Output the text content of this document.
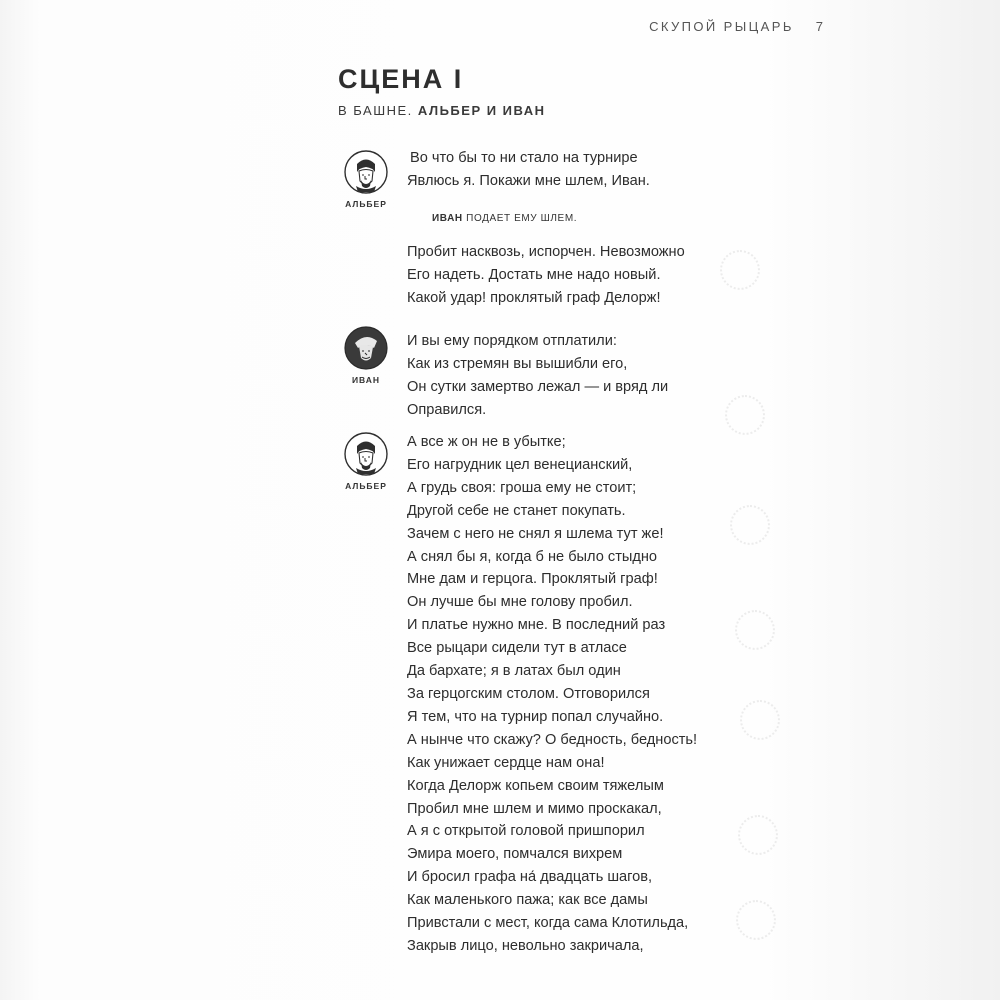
СКУПОЙ РЫЦАРЬ 7
СЦЕНА I
В БАШНЕ. АЛЬБЕР И ИВАН
АЛЬБЕР
ИВАН
АЛЬБЕР
Во что бы то ни стало на турнире
Явлюсь я. Покажи мне шлем, Иван.
ИВАН ПОДАЕТ ЕМУ ШЛЕМ.
Пробит насквозь, испорчен. Невозможно
Его надеть. Достать мне надо новый.
Какой удар! проклятый граф Делорж!
И вы ему порядком отплатили:
Как из стремян вы вышибли его,
Он сутки замертво лежал — и вряд ли
Оправился.
А все ж он не в убытке;
Его нагрудник цел венецианский,
А грудь своя: гроша ему не стоит;
Другой себе не станет покупать.
Зачем с него не снял я шлема тут же!
А снял бы я, когда б не было стыдно
Мне дам и герцога. Проклятый граф!
Он лучше бы мне голову пробил.
И платье нужно мне. В последний раз
Все рыцари сидели тут в атласе
Да бархате; я в латах был один
За герцогским столом. Отговорился
Я тем, что на турнир попал случайно.
А нынче что скажу? О бедность, бедность!
Как унижает сердце нам она!
Когда Делорж копьем своим тяжелым
Пробил мне шлем и мимо проскакал,
А я с открытой головой пришпорил
Эмира моего, помчался вихрем
И бросил графа на́ двадцать шагов,
Как маленького пажа; как все дамы
Привстали с мест, когда сама Клотильда,
Закрыв лицо, невольно закричала,
